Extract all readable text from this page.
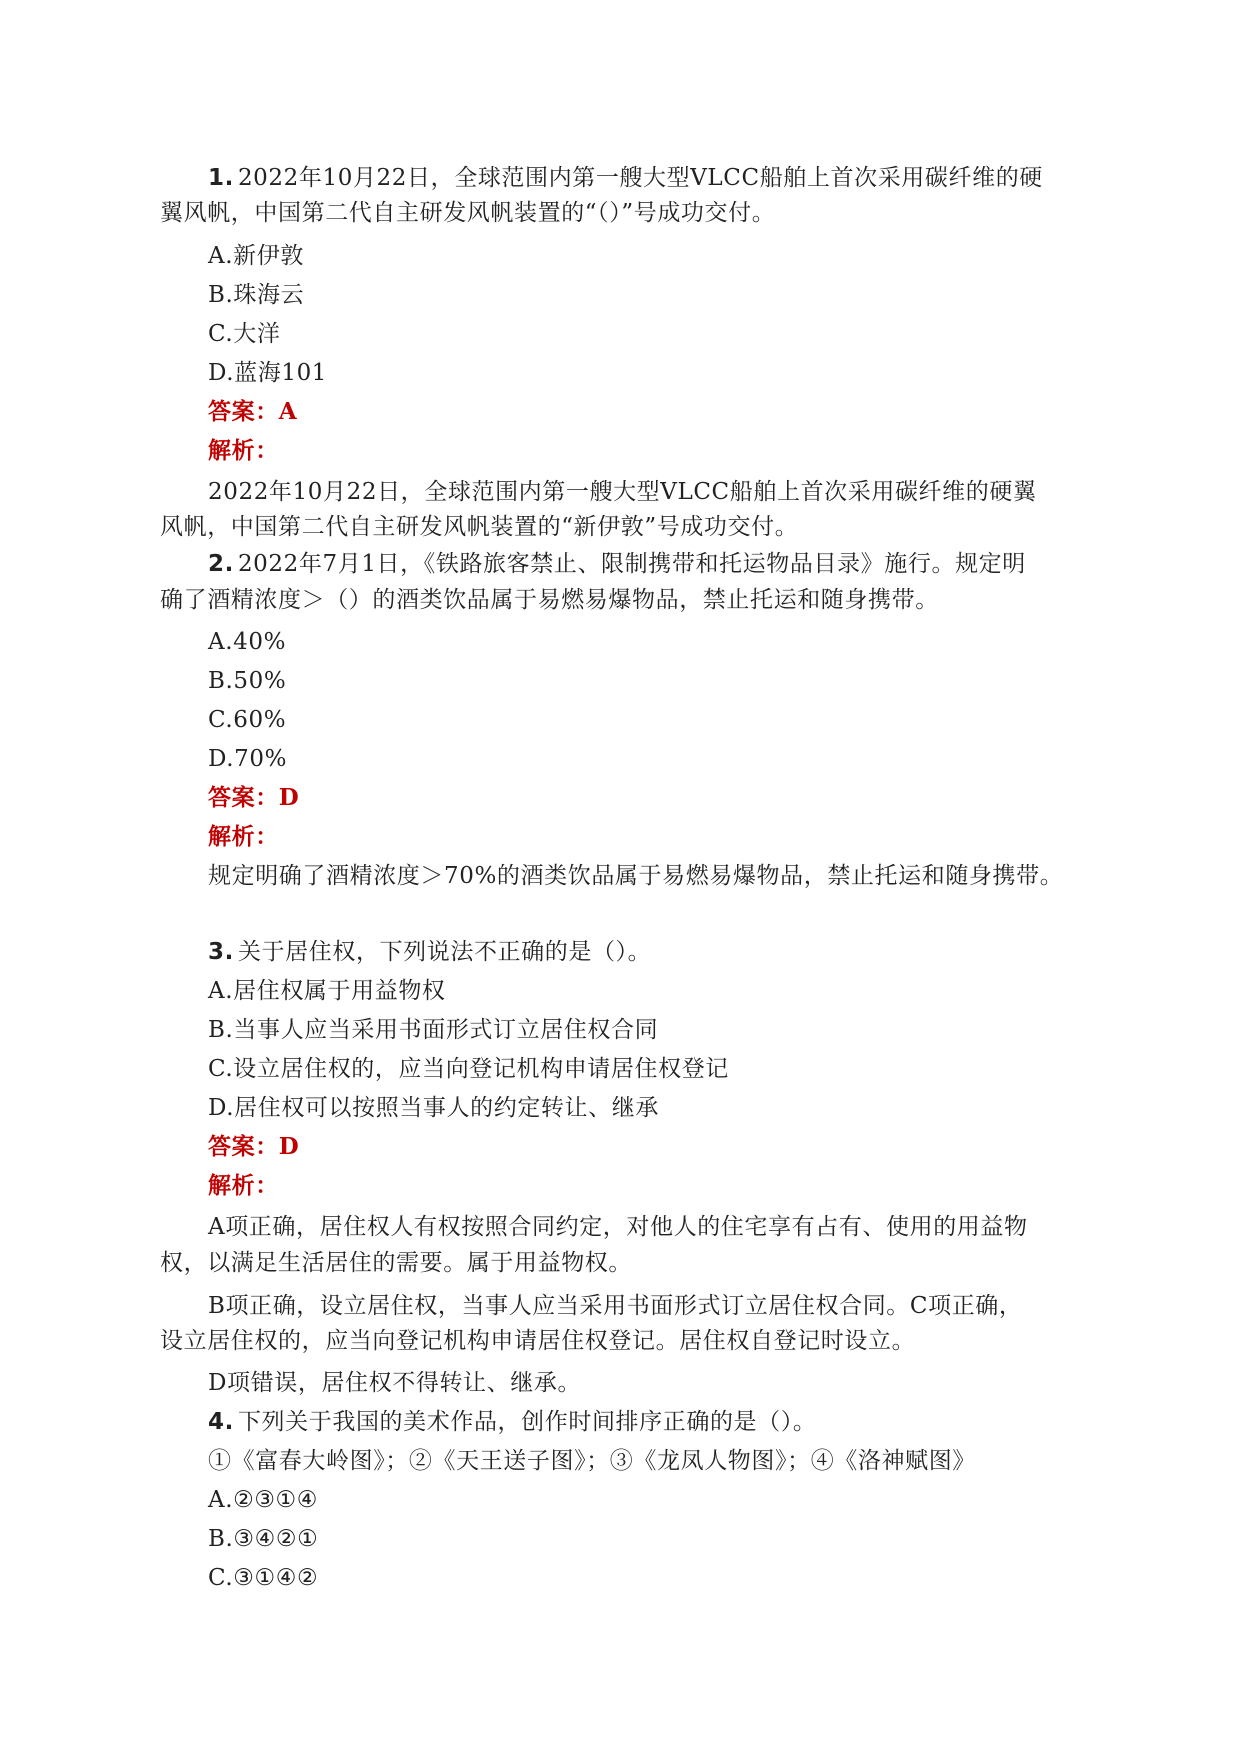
1. 2022年10月22日，全球范围内第一艘大型VLCC船舶上首次采用碳纤维的硬
翼风帆，中国第二代自主研发风帆装置的“（）”号成功交付。
A.新伊敦
B.珠海云
C.大洋
D.蓝海101
答案：A
解析：
2022年10月22日，全球范围内第一艘大型VLCC船舶上首次采用碳纤维的硬翼
风帆，中国第二代自主研发风帆装置的“新伊敦”号成功交付。
2. 2022年7月1日，《铁路旅客禁止、限制携带和托运物品目录》施行。规定明
确了酒精浓度＞（）的酒类饮品属于易燃易爆物品，禁止托运和随身携带。
A.40%
B.50%
C.60%
D.70%
答案：D
解析：
规定明确了酒精浓度＞70%的酒类饮品属于易燃易爆物品，禁止托运和随身携带。
3. 关于居住权，下列说法不正确的是（）。
A.居住权属于用益物权
B.当事人应当采用书面形式订立居住权合同
C.设立居住权的，应当向登记机构申请居住权登记
D.居住权可以按照当事人的约定转让、继承
答案：D
解析：
A项正确，居住权人有权按照合同约定，对他人的住宅享有占有、使用的用益物
权，以满足生活居住的需要。属于用益物权。
B项正确，设立居住权，当事人应当采用书面形式订立居住权合同。C项正确，
设立居住权的，应当向登记机构申请居住权登记。居住权自登记时设立。
D项错误，居住权不得转让、继承。
4. 下列关于我国的美术作品，创作时间排序正确的是（）。
①《富春大岭图》；②《天王送子图》；③《龙凤人物图》；④《洛神赋图》
A.②③①④
B.③④②①
C.③①④②
